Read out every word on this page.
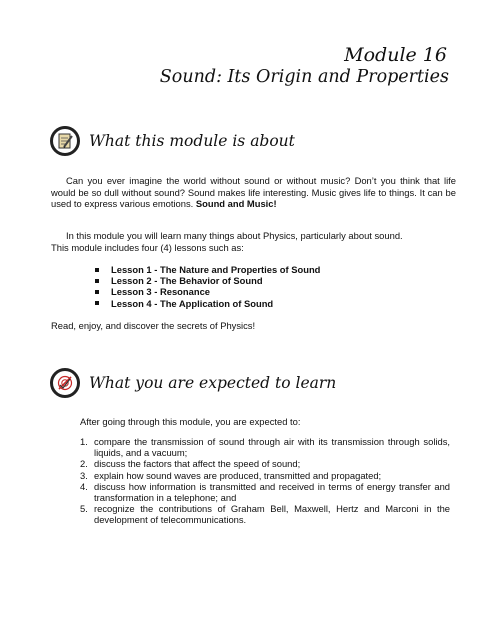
Module 16
Sound: Its Origin and Properties
What this module is about

Can you ever imagine the world without sound or without music? Don’t you think that life would be so dull without sound? Sound makes life interesting. Music gives life to things. It can be used to express various emotions. Sound and Music!

In this module you will learn many things about Physics, particularly about sound.

This module includes four (4) lessons such as:

Lesson 1 - The Nature and Properties of Sound
Lesson 2 - The Behavior of Sound
Lesson 3 - Resonance
Lesson 4 - The Application of Sound

Read, enjoy, and discover the secrets of Physics!

What you are expected to learn

After going through this module, you are expected to:

1. compare the transmission of sound through air with its transmission through solids, liquids, and a vacuum;
2. discuss the factors that affect the speed of sound;
3. explain how sound waves are produced, transmitted and propagated;
4. discuss how information is transmitted and received in terms of energy transfer and transformation in a telephone; and
5. recognize the contributions of Graham Bell, Maxwell, Hertz and Marconi in the development of telecommunications.
